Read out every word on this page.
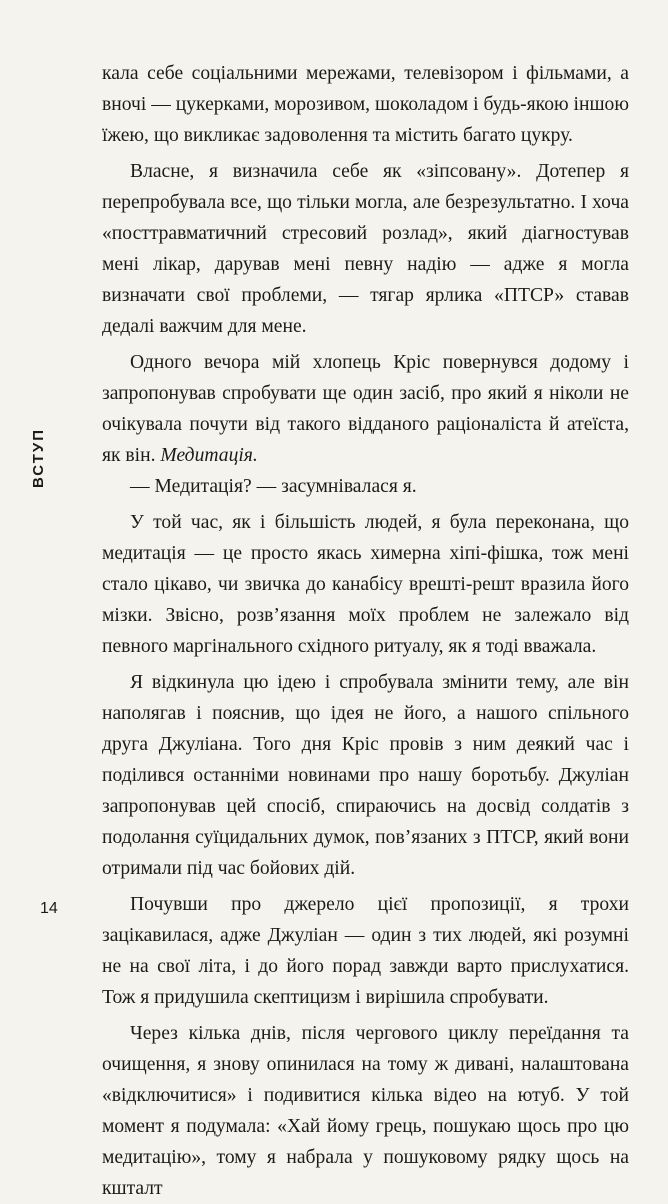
ВСТУП
14

кала себе соціальними мережами, телевізором і фільмами, а вночі — цукерками, морозивом, шоколадом і будь-якою іншою їжею, що викликає задоволення та містить багато цукру.

Власне, я визначила себе як «зіпсовану». Дотепер я перепробувала все, що тільки могла, але безрезультатно. І хоча «посттравматичний стресовий розлад», який діагностував мені лікар, дарував мені певну надію — адже я могла визначати свої проблеми, — тягар ярлика «ПТСР» ставав дедалі важчим для мене.

Одного вечора мій хлопець Кріс повернувся додому і запропонував спробувати ще один засіб, про який я ніколи не очікувала почути від такого відданого раціоналіста й атеїста, як він. Медитація.

— Медитація? — засумнівалася я.

У той час, як і більшість людей, я була переконана, що медитація — це просто якась химерна хіпі-фішка, тож мені стало цікаво, чи звичка до канабісу врешті-решт вразила його мізки. Звісно, розв’язання моїх проблем не залежало від певного маргінального східного ритуалу, як я тоді вважала.

Я відкинула цю ідею і спробувала змінити тему, але він наполягав і пояснив, що ідея не його, а нашого спільного друга Джуліана. Того дня Кріс провів з ним деякий час і поділився останніми новинами про нашу боротьбу. Джуліан запропонував цей спосіб, спираючись на досвід солдатів з подолання суїцидальних думок, пов’язаних з ПТСР, який вони отримали під час бойових дій.

Почувши про джерело цієї пропозиції, я трохи зацікавилася, адже Джуліан — один з тих людей, які розумні не на свої літа, і до його порад завжди варто прислухатися. Тож я придушила скептицизм і вирішила спробувати.

Через кілька днів, після чергового циклу переїдання та очищення, я знову опинилася на тому ж дивані, налаштована «відключитися» і подивитися кілька відео на ютуб. У той момент я подумала: «Хай йому грець, пошукаю щось про цю медитацію», тому я набрала у пошуковому рядку щось на кшталт
